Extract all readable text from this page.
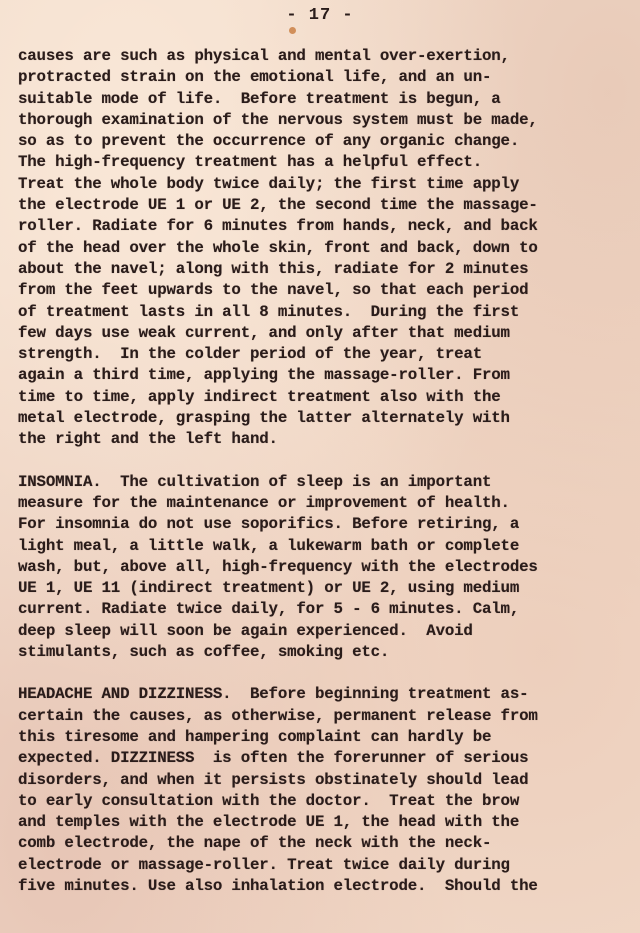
- 17 -
causes are such as physical and mental over-exertion,
protracted strain on the emotional life, and an un-
suitable mode of life.  Before treatment is begun, a
thorough examination of the nervous system must be made,
so as to prevent the occurrence of any organic change.
The high-frequency treatment has a helpful effect.
Treat the whole body twice daily; the first time apply
the electrode UE 1 or UE 2, the second time the massage-
roller. Radiate for 6 minutes from hands, neck, and back
of the head over the whole skin, front and back, down to
about the navel; along with this, radiate for 2 minutes
from the feet upwards to the navel, so that each period
of treatment lasts in all 8 minutes.  During the first
few days use weak current, and only after that medium
strength.  In the colder period of the year, treat
again a third time, applying the massage-roller. From
time to time, apply indirect treatment also with the
metal electrode, grasping the latter alternately with
the right and the left hand.
INSOMNIA.  The cultivation of sleep is an important
measure for the maintenance or improvement of health.
For insomnia do not use soporifics. Before retiring, a
light meal, a little walk, a lukewarm bath or complete
wash, but, above all, high-frequency with the electrodes
UE 1, UE 11 (indirect treatment) or UE 2, using medium
current. Radiate twice daily, for 5 - 6 minutes. Calm,
deep sleep will soon be again experienced.  Avoid
stimulants, such as coffee, smoking etc.
HEADACHE AND DIZZINESS.  Before beginning treatment as-
certain the causes, as otherwise, permanent release from
this tiresome and hampering complaint can hardly be
expected. DIZZINESS  is often the forerunner of serious
disorders, and when it persists obstinately should lead
to early consultation with the doctor.  Treat the brow
and temples with the electrode UE 1, the head with the
comb electrode, the nape of the neck with the neck-
electrode or massage-roller. Treat twice daily during
five minutes. Use also inhalation electrode.  Should the
